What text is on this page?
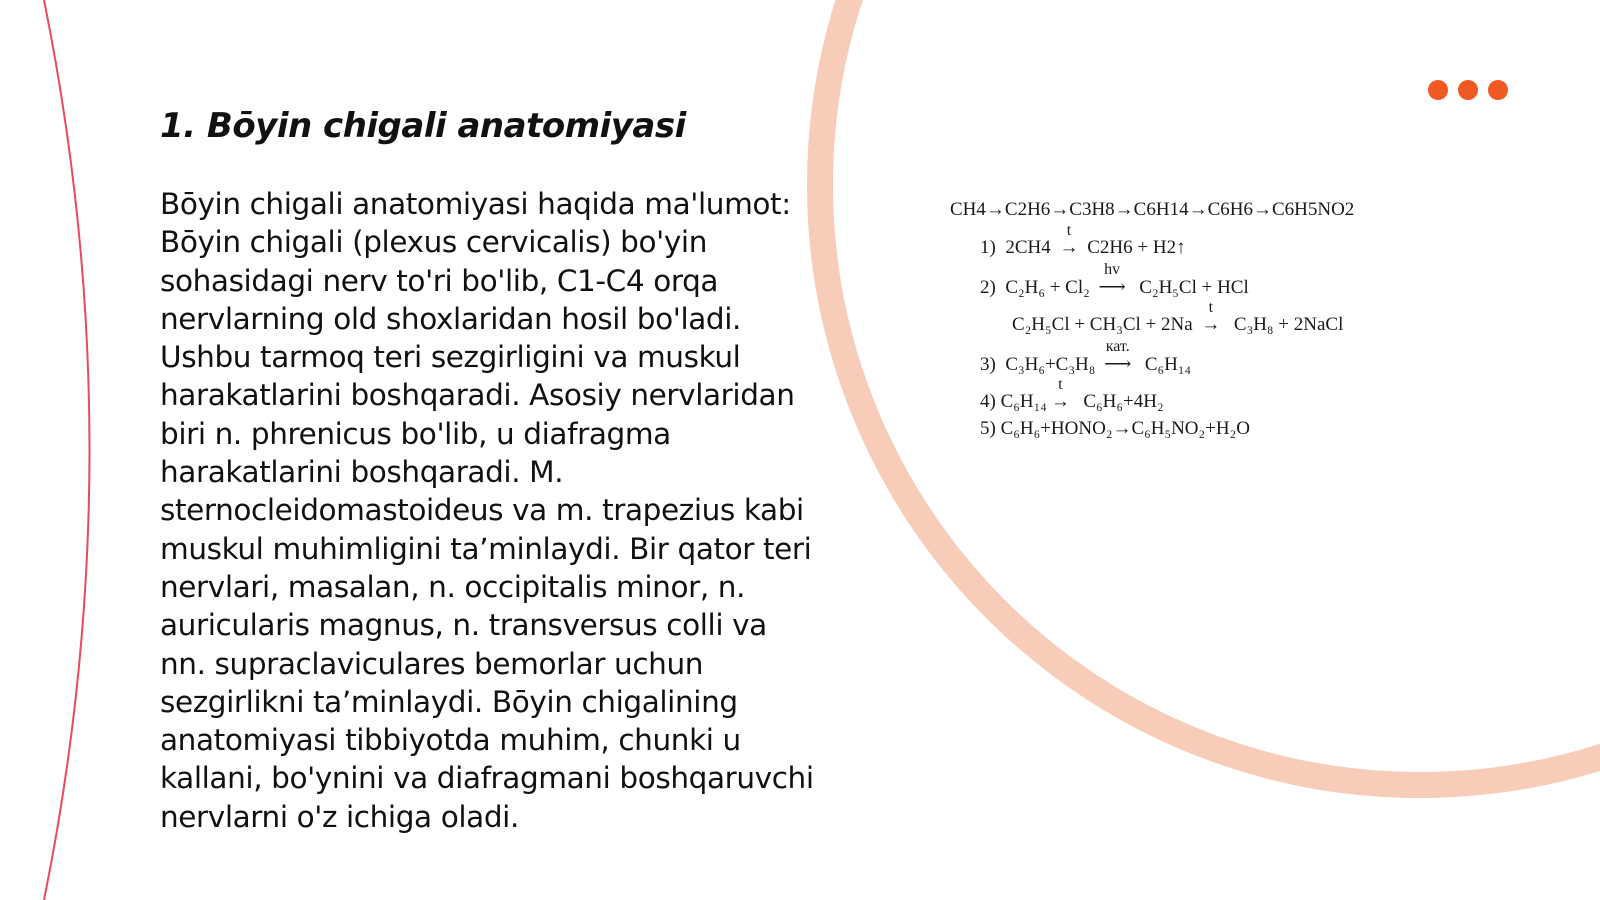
1. Bōyin chigali anatomiyasi
Bōyin chigali anatomiyasi haqida ma'lumot:
Bōyin chigali (plexus cervicalis) bo'yin
sohasidagi nerv to'ri bo'lib, C1-C4 orqa
nervlarning old shoxlaridan hosil bo'ladi.
Ushbu tarmoq teri sezgirligini va muskul
harakatlarini boshqaradi. Asosiy nervlaridan
biri n. phrenicus bo'lib, u diafragma
harakatlarini boshqaradi. M.
sternocleidomastoideus va m. trapezius kabi
muskul muhimligini ta’minlaydi. Bir qator teri
nervlari, masalan, n. occipitalis minor, n.
auricularis magnus, n. transversus colli va
nn. supraclaviculares bemorlar uchun
sezgirlikni ta’minlaydi. Bōyin chigalining
anatomiyasi tibbiyotda muhim, chunki u
kallani, bo'ynini va diafragmani boshqaruvchi
nervlarni o'z ichiga oladi.
CH4→C2H6→C3H8→C6H14→C6H6→C6H5NO2
1) 2CH4
t
→ C2H6 + H2↑
2) C₂H₆ + Cl₂
hv
⟶ C₂H₅Cl + HCl
C₂H₅Cl + CH₃Cl + 2Na
t
→ C₃H₈ + 2NaCl
3) C₃H₆+C₃H₈
кат.
⟶ C₆H₁₄
4) C₆H₁₄
t
→ C₆H₆+4H₂
5) C₆H₆+HONO₂→C₆H₅NO₂+H₂O
